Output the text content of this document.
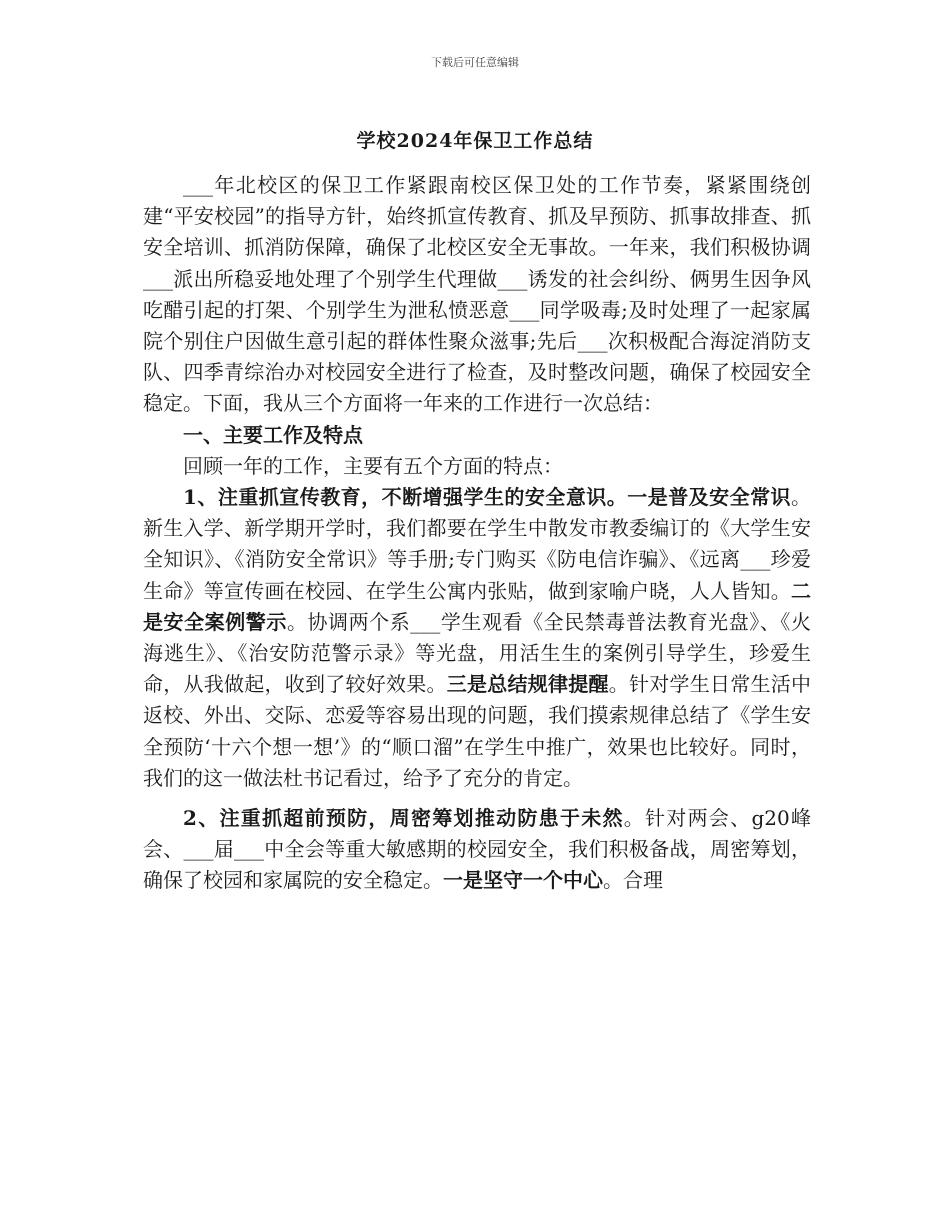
下载后可任意编辑
学校2024年保卫工作总结

___年北校区的保卫工作紧跟南校区保卫处的工作节奏，紧紧围绕创建“平安校园”的指导方针，始终抓宣传教育、抓及早预防、抓事故排查、抓安全培训、抓消防保障，确保了北校区安全无事故。一年来，我们积极协调___派出所稳妥地处理了个别学生代理做___诱发的社会纠纷、俩男生因争风吃醋引起的打架、个别学生为泄私愤恶意___同学吸毒;及时处理了一起家属院个别住户因做生意引起的群体性聚众滋事;先后___次积极配合海淀消防支队、四季青综治办对校园安全进行了检查，及时整改问题，确保了校园安全稳定。下面，我从三个方面将一年来的工作进行一次总结：

一、主要工作及特点

回顾一年的工作，主要有五个方面的特点：

1、注重抓宣传教育，不断增强学生的安全意识。一是普及安全常识。新生入学、新学期开学时，我们都要在学生中散发市教委编订的《大学生安全知识》、《消防安全常识》等手册;专门购买《防电信诈骗》、《远离___珍爱生命》等宣传画在校园、在学生公寓内张贴，做到家喻户晓，人人皆知。二是安全案例警示。协调两个系___学生观看《全民禁毒普法教育光盘》、《火海逃生》、《治安防范警示录》等光盘，用活生生的案例引导学生，珍爱生命，从我做起，收到了较好效果。三是总结规律提醒。针对学生日常生活中返校、外出、交际、恋爱等容易出现的问题，我们摸索规律总结了《学生安全预防‘十六个想一想’》的“顺口溜”在学生中推广，效果也比较好。同时，我们的这一做法杜书记看过，给予了充分的肯定。

2、注重抓超前预防，周密筹划推动防患于未然。针对两会、g20峰会、___届___中全会等重大敏感期的校园安全，我们积极备战，周密筹划，确保了校园和家属院的安全稳定。一是坚守一个中心。合理
